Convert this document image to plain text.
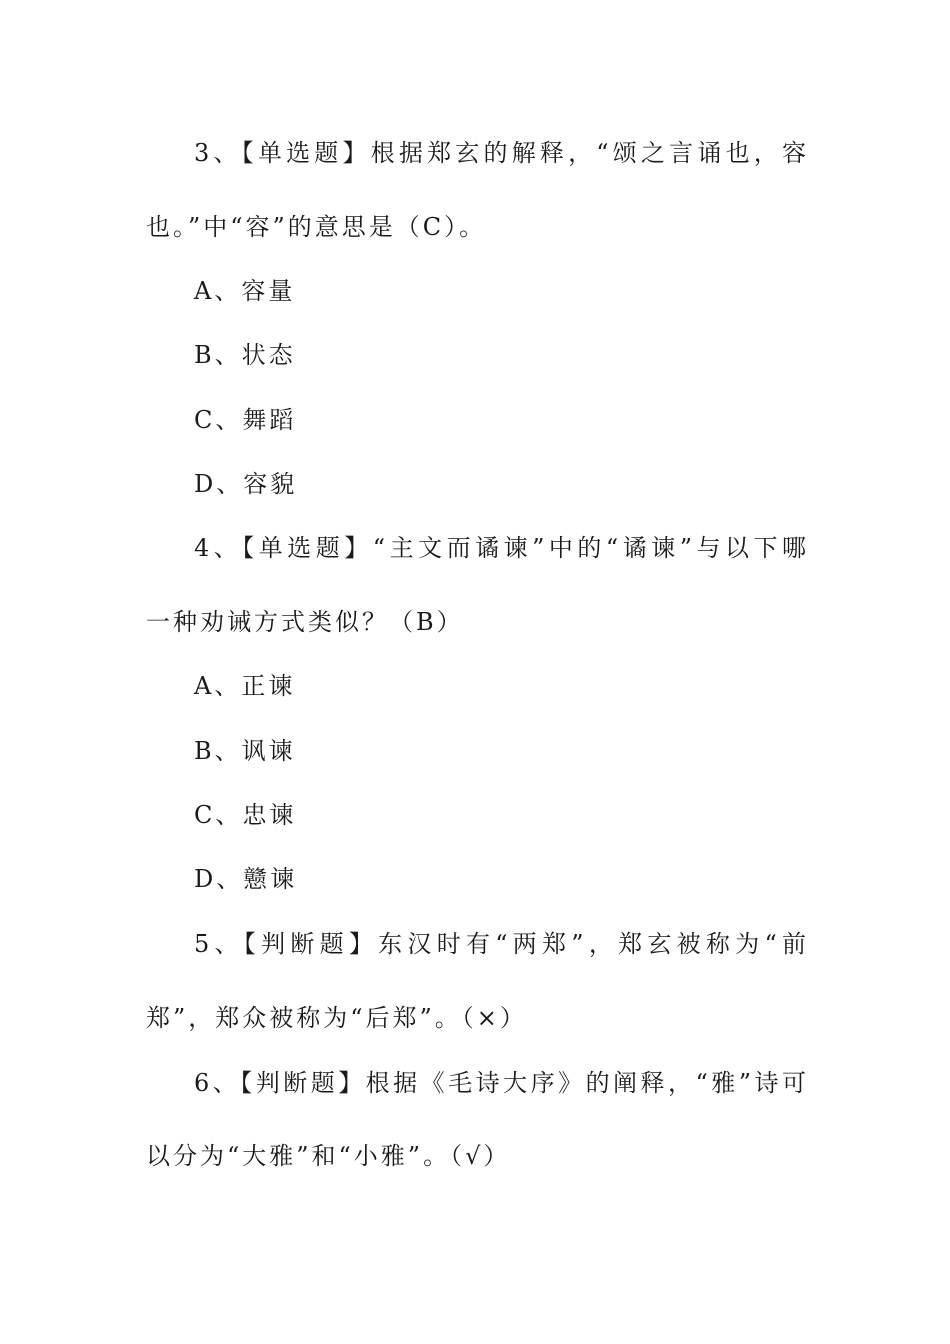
3、【单选题】根据郑玄的解释，“颂之言诵也，容
也。”中“容”的意思是（C）。
A、容量
B、状态
C、舞蹈
D、容貌
4、【单选题】“主文而谲谏”中的“谲谏”与以下哪
一种劝诫方式类似？（B）
A、正谏
B、讽谏
C、忠谏
D、戆谏
5、【判断题】东汉时有“两郑”，郑玄被称为“前
郑”，郑众被称为“后郑”。（×）
6、【判断题】根据《毛诗大序》的阐释，“雅”诗可
以分为“大雅”和“小雅”。（√）
